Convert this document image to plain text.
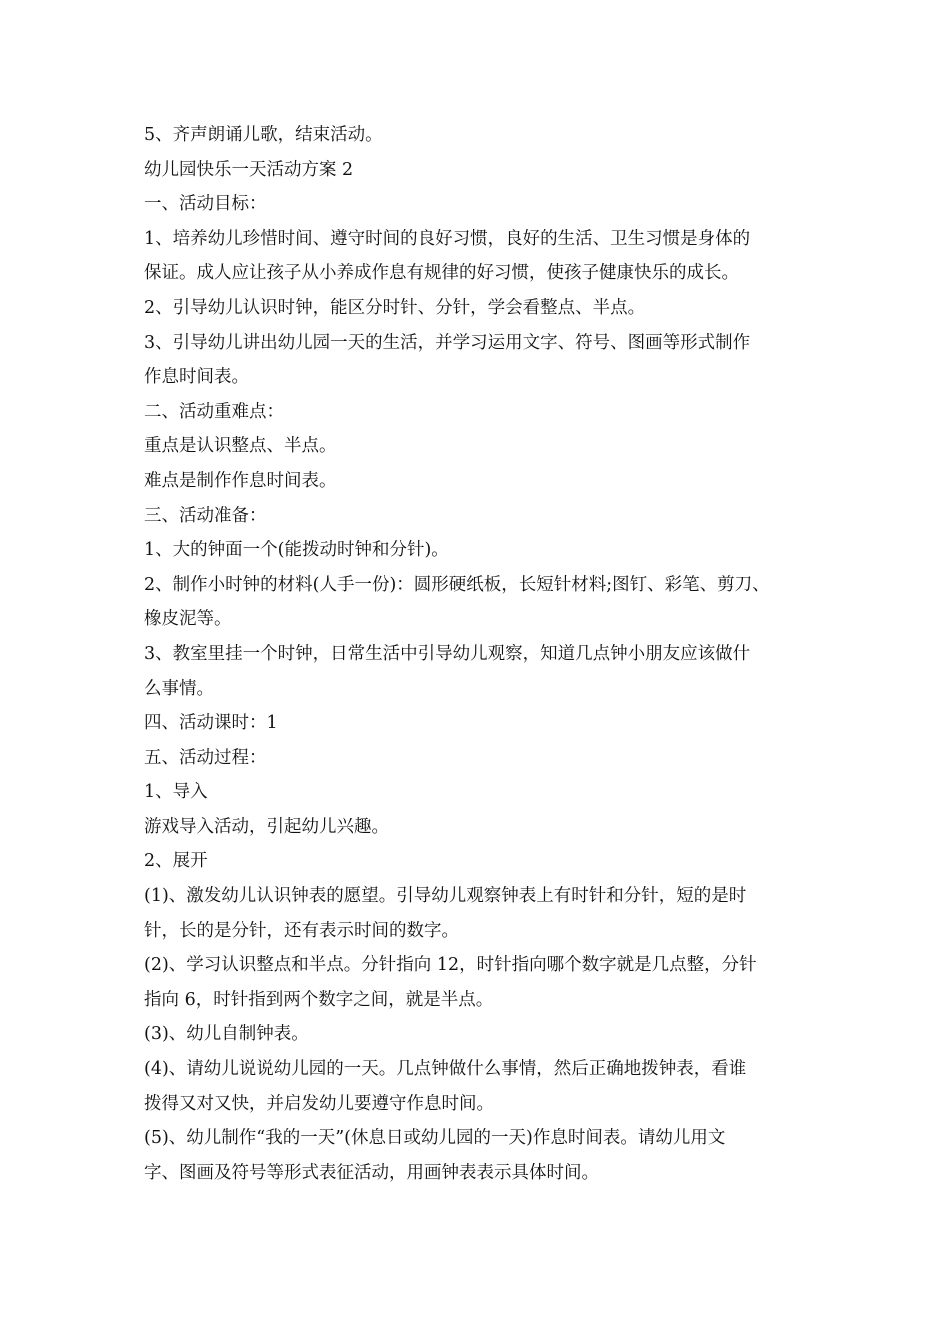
5、齐声朗诵儿歌，结束活动。

幼儿园快乐一天活动方案 2

一、活动目标：

1、培养幼儿珍惜时间、遵守时间的良好习惯，良好的生活、卫生习惯是身体的

保证。成人应让孩子从小养成作息有规律的好习惯，使孩子健康快乐的成长。

2、引导幼儿认识时钟，能区分时针、分针，学会看整点、半点。

3、引导幼儿讲出幼儿园一天的生活，并学习运用文字、符号、图画等形式制作

作息时间表。

二、活动重难点：

重点是认识整点、半点。

难点是制作作息时间表。

三、活动准备：

1、大的钟面一个(能拨动时钟和分针)。

2、制作小时钟的材料(人手一份)：圆形硬纸板，长短针材料;图钉、彩笔、剪刀、

橡皮泥等。

3、教室里挂一个时钟，日常生活中引导幼儿观察，知道几点钟小朋友应该做什

么事情。

四、活动课时：1

五、活动过程：

1、导入

游戏导入活动，引起幼儿兴趣。

2、展开

(1)、激发幼儿认识钟表的愿望。引导幼儿观察钟表上有时针和分针，短的是时

针，长的是分针，还有表示时间的数字。

(2)、学习认识整点和半点。分针指向 12，时针指向哪个数字就是几点整，分针

指向 6，时针指到两个数字之间，就是半点。

(3)、幼儿自制钟表。

(4)、请幼儿说说幼儿园的一天。几点钟做什么事情，然后正确地拨钟表，看谁

拨得又对又快，并启发幼儿要遵守作息时间。

(5)、幼儿制作“我的一天”(休息日或幼儿园的一天)作息时间表。请幼儿用文

字、图画及符号等形式表征活动，用画钟表表示具体时间。
